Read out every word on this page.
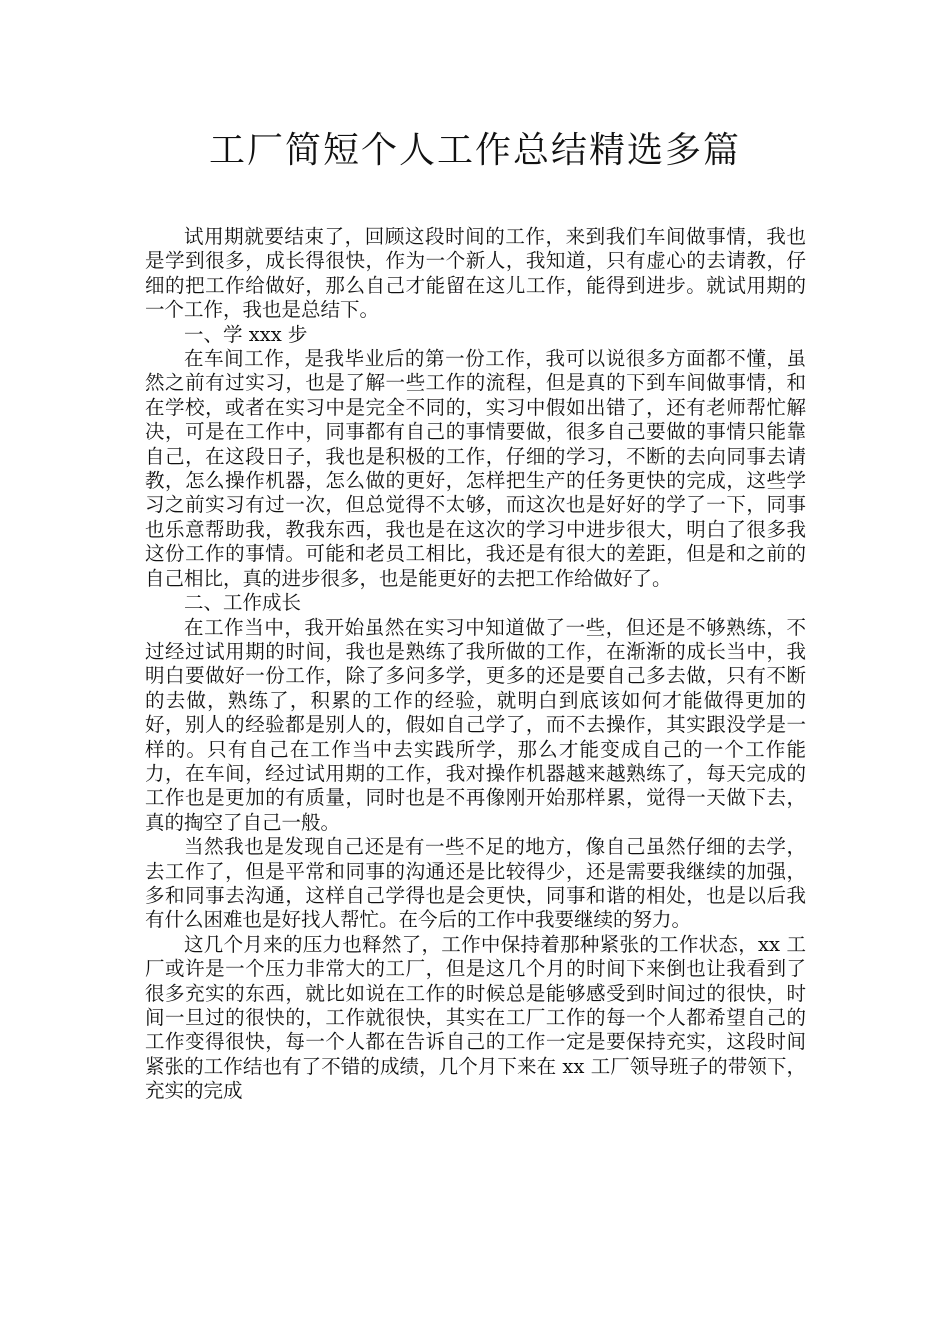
工厂简短个人工作总结精选多篇

试用期就要结束了，回顾这段时间的工作，来到我们车间做事情，我也是学到很多，成长得很快，作为一个新人，我知道，只有虚心的去请教，仔细的把工作给做好，那么自己才能留在这儿工作，能得到进步。就试用期的一个工作，我也是总结下。

一、学 xxx 步

在车间工作，是我毕业后的第一份工作，我可以说很多方面都不懂，虽然之前有过实习，也是了解一些工作的流程，但是真的下到车间做事情，和在学校，或者在实习中是完全不同的，实习中假如出错了，还有老师帮忙解决，可是在工作中，同事都有自己的事情要做，很多自己要做的事情只能靠自己，在这段日子，我也是积极的工作，仔细的学习，不断的去向同事去请教，怎么操作机器，怎么做的更好，怎样把生产的任务更快的完成，这些学习之前实习有过一次，但总觉得不太够，而这次也是好好的学了一下，同事也乐意帮助我，教我东西，我也是在这次的学习中进步很大，明白了很多我这份工作的事情。可能和老员工相比，我还是有很大的差距，但是和之前的自己相比，真的进步很多，也是能更好的去把工作给做好了。

二、工作成长

在工作当中，我开始虽然在实习中知道做了一些，但还是不够熟练，不过经过试用期的时间，我也是熟练了我所做的工作，在渐渐的成长当中，我明白要做好一份工作，除了多问多学，更多的还是要自己多去做，只有不断的去做，熟练了，积累的工作的经验，就明白到底该如何才能做得更加的好，别人的经验都是别人的，假如自己学了，而不去操作，其实跟没学是一样的。只有自己在工作当中去实践所学，那么才能变成自己的一个工作能力，在车间，经过试用期的工作，我对操作机器越来越熟练了，每天完成的工作也是更加的有质量，同时也是不再像刚开始那样累，觉得一天做下去，真的掏空了自己一般。

当然我也是发现自己还是有一些不足的地方，像自己虽然仔细的去学，去工作了，但是平常和同事的沟通还是比较得少，还是需要我继续的加强，多和同事去沟通，这样自己学得也是会更快，同事和谐的相处，也是以后我有什么困难也是好找人帮忙。在今后的工作中我要继续的努力。

这几个月来的压力也释然了，工作中保持着那种紧张的工作状态，xx 工厂或许是一个压力非常大的工厂，但是这几个月的时间下来倒也让我看到了很多充实的东西，就比如说在工作的时候总是能够感受到时间过的很快，时间一旦过的很快的，工作就很快，其实在工厂工作的每一个人都希望自己的工作变得很快，每一个人都在告诉自己的工作一定是要保持充实，这段时间紧张的工作结也有了不错的成绩，几个月下来在 xx 工厂领导班子的带领下，充实的完成
